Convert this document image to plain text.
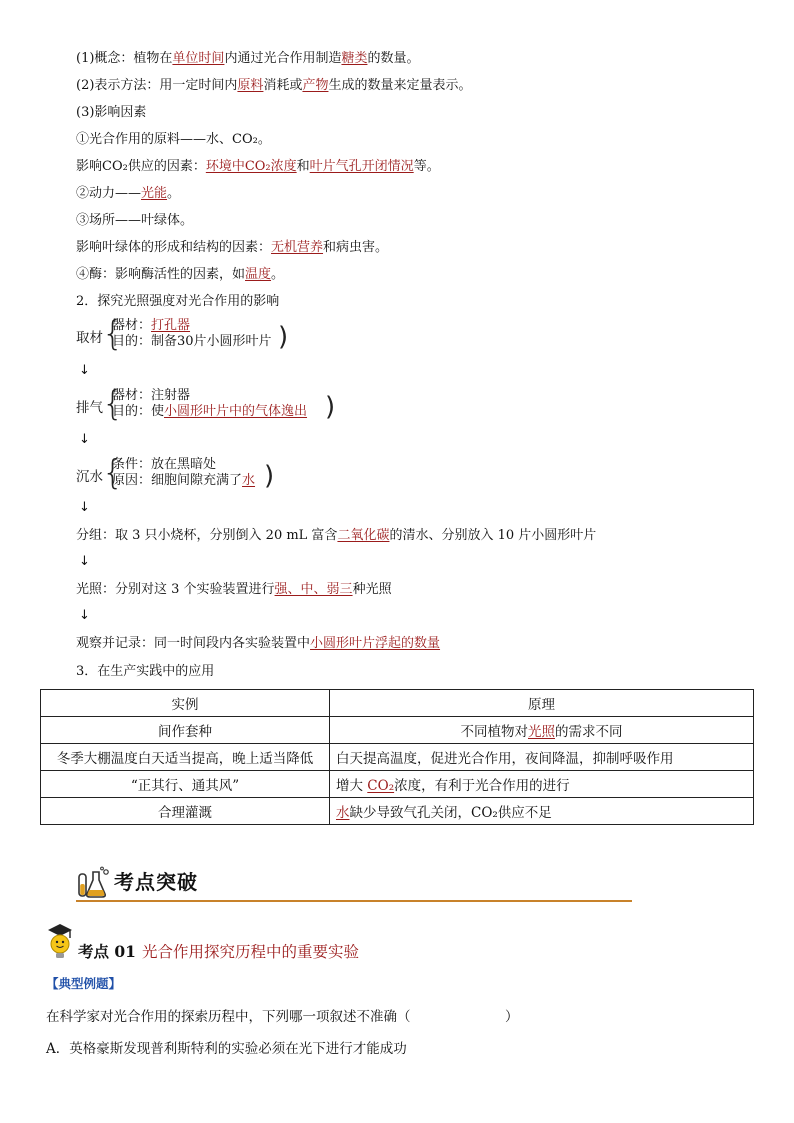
(1)概念：植物在单位时间内通过光合作用制造糖类的数量。
(2)表示方法：用一定时间内原料消耗或产物生成的数量来定量表示。
(3)影响因素
①光合作用的原料——水、CO₂。
影响CO₂供应的因素：环境中CO₂浓度和叶片气孔开闭情况等。
②动力——光能。
③场所——叶绿体。
影响叶绿体的形成和结构的因素：无机营养和病虫害。
④酶：影响酶活性的因素，如温度。
2．探究光照强度对光合作用的影响
取材 {
器材：打孔器
目的：制备30片小圆形叶片 )
↓
排气 {
器材：注射器
目的：使小圆形叶片中的气体逸出 )
↓
沉水 {
条件：放在黑暗处
原因：细胞间隙充满了水 )
↓
分组：取 3 只小烧杯，分别倒入 20 mL 富含二氧化碳的清水、分别放入 10 片小圆形叶片
↓
光照：分别对这 3 个实验装置进行强、中、弱三种光照
↓
观察并记录：同一时间段内各实验装置中小圆形叶片浮起的数量
3．在生产实践中的应用
实例	原理
间作套种	不同植物对光照的需求不同
冬季大棚温度白天适当提高，晚上适当降低	白天提高温度，促进光合作用，夜间降温，抑制呼吸作用
“正其行、通其风”	增大 CO₂浓度，有利于光合作用的进行
合理灌溉	水缺少导致气孔关闭，CO₂供应不足
考点突破
考点 01 光合作用探究历程中的重要实验
【典型例题】
在科学家对光合作用的探索历程中，下列哪一项叙述不准确（　　　　　　　）
A．英格豪斯发现普利斯特利的实验必须在光下进行才能成功
